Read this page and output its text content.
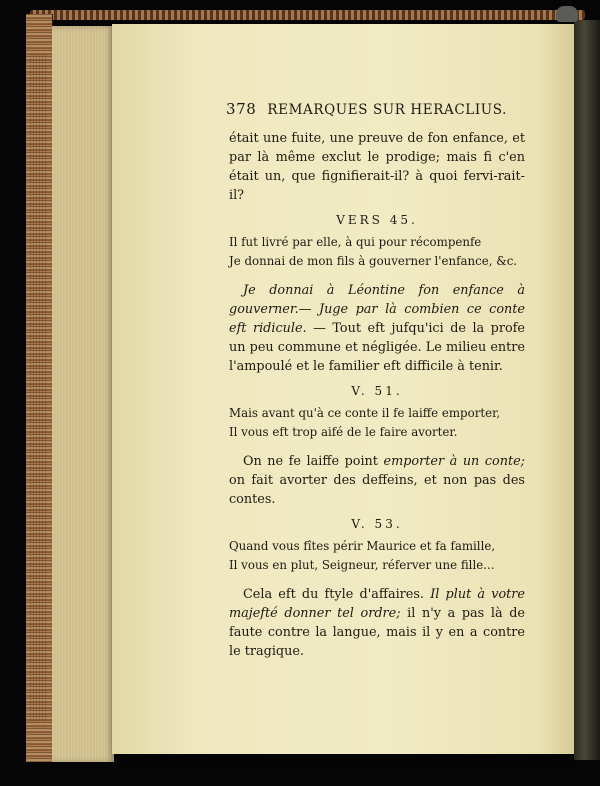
378 REMARQUES SUR HERACLIUS.
était une fuite, une preuve de fon enfance, et par là même exclut le prodige; mais fi c'en était un, que fignifierait-il? à quoi fervi-rait-il?
VERS 45.
Il fut livré par elle, à qui pour récompenfe
Je donnai de mon fils à gouverner l'enfance, &c.
Je donnai à Léontine fon enfance à gouverner.— Juge par là combien ce conte eft ridicule. — Tout eft jufqu'ici de la profe un peu commune et négligée. Le milieu entre l'ampoulé et le familier eft difficile à tenir.
V. 51.
Mais avant qu'à ce conte il fe laiffe emporter,
Il vous eft trop aifé de le faire avorter.
On ne fe laiffe point emporter à un conte; on fait avorter des deffeins, et non pas des contes.
V. 53.
Quand vous fîtes périr Maurice et fa famille,
Il vous en plut, Seigneur, réferver une fille...
Cela eft du ftyle d'affaires. Il plut à votre majefté donner tel ordre; il n'y a pas là de faute contre la langue, mais il y en a contre le tragique.
